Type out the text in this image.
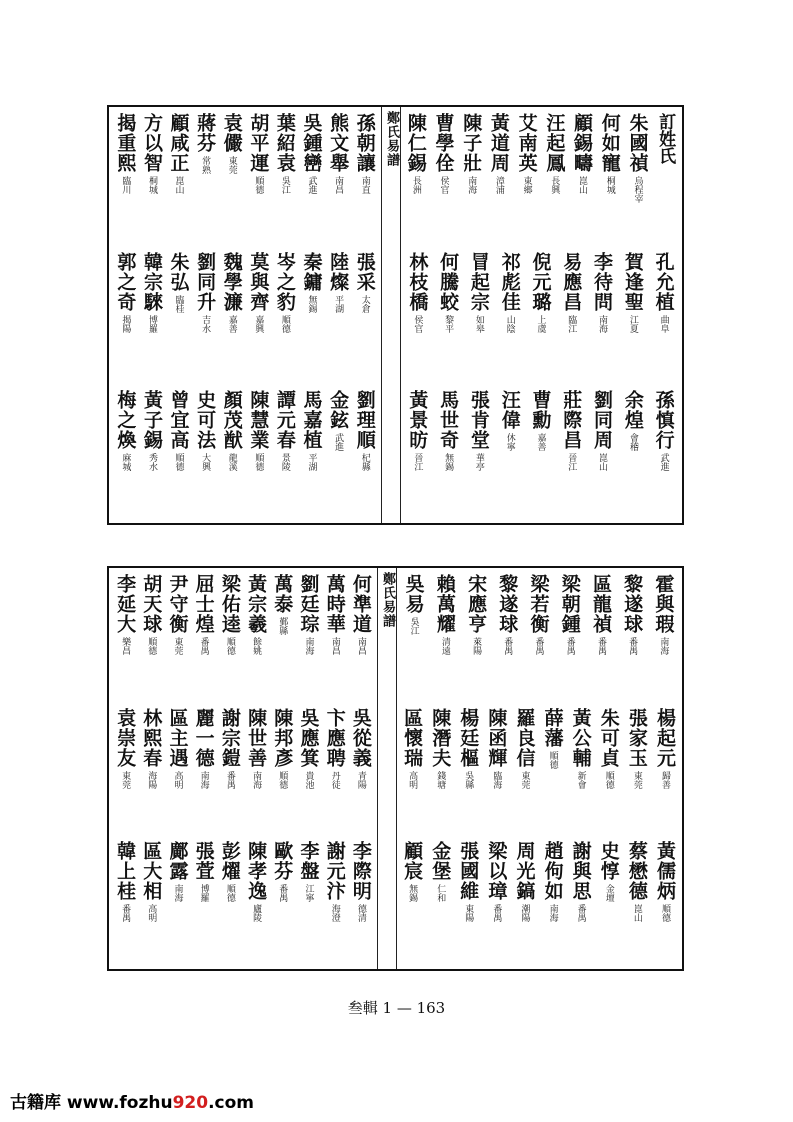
訂姓氏
朱國禎
烏程宰
何如寵
桐城
顧錫疇
崑山
汪起鳳
長興
艾南英
東鄉
黃道周
漳浦
陳子壯
南海
曹學佺
侯官
陳仁錫
長洲
孔允植
曲阜
賀逢聖
江夏
李待問
南海
易應昌
臨江
倪元璐
上虞
祁彪佳
山陰
冒起宗
如皋
何騰蛟
黎平
林枝橋
侯官
孫慎行
武進
余煌
會稽
劉同周
崑山
莊際昌
晉江
曹勳
嘉善
汪偉
休寧
張肯堂
華亭
馬世奇
無錫
黃景昉
晉江
鄭氏易譜
孫朝讓
南直
熊文舉
南昌
吳鍾巒
武進
葉紹袁
吳江
胡平運
順德
袁儼
東莞
蔣芬
常熟
顧咸正
崑山
方以智
桐城
揭重熙
臨川
張采
太倉
陸燦
平湖
秦鏞
無錫
岑之豹
順德
莫與齊
嘉興
魏學濂
嘉善
劉同升
吉水
朱弘
臨桂
韓宗騋
博羅
郭之奇
揭陽
劉理順
杞縣
金鉉
武進
馬嘉植
平湖
譚元春
景陵
陳慧業
順德
顏茂猷
龍溪
史可法
大興
曾宜高
順德
黃子錫
秀水
梅之煥
麻城
霍與瑕
南海
黎遂球
番禺
區龍禎
番禺
梁朝鍾
番禺
梁若衡
番禺
黎遂球
番禺
宋應亨
萊陽
賴萬耀
清遠
吳易
吳江
楊起元
歸善
張家玉
東莞
朱可貞
順德
黃公輔
新會
薛藩
順德
羅良信
東莞
陳函輝
臨海
楊廷樞
吳縣
陳潛夫
錢塘
區懷瑞
高明
黃儒炳
順德
蔡懋德
崑山
史惇
金壇
謝與思
番禺
趙佝如
南海
周光鎬
潮陽
梁以璋
番禺
張國維
東陽
金堡
仁和
顧宸
無錫
鄭氏易譜
何準道
南昌
萬時華
南昌
劉廷琮
南海
萬泰
鄞縣
黃宗羲
餘姚
梁佑逵
順德
屈士煌
番禺
尹守衡
東莞
胡天球
順德
李延大
樂昌
吳從義
青陽
卞應聘
丹徒
吳應箕
貴池
陳邦彥
順德
陳世善
南海
謝宗鎧
番禺
麗一德
南海
區主遇
高明
林熙春
海陽
袁崇友
東莞
李際明
德清
謝元汴
海澄
李盤
江寧
歐芬
番禺
陳孝逸
廬陵
彭燿
順德
張萓
博羅
鄺露
南海
區大相
高明
韓上桂
番禺
叁輯 1 — 163
古籍库 www.fozhu920.com
